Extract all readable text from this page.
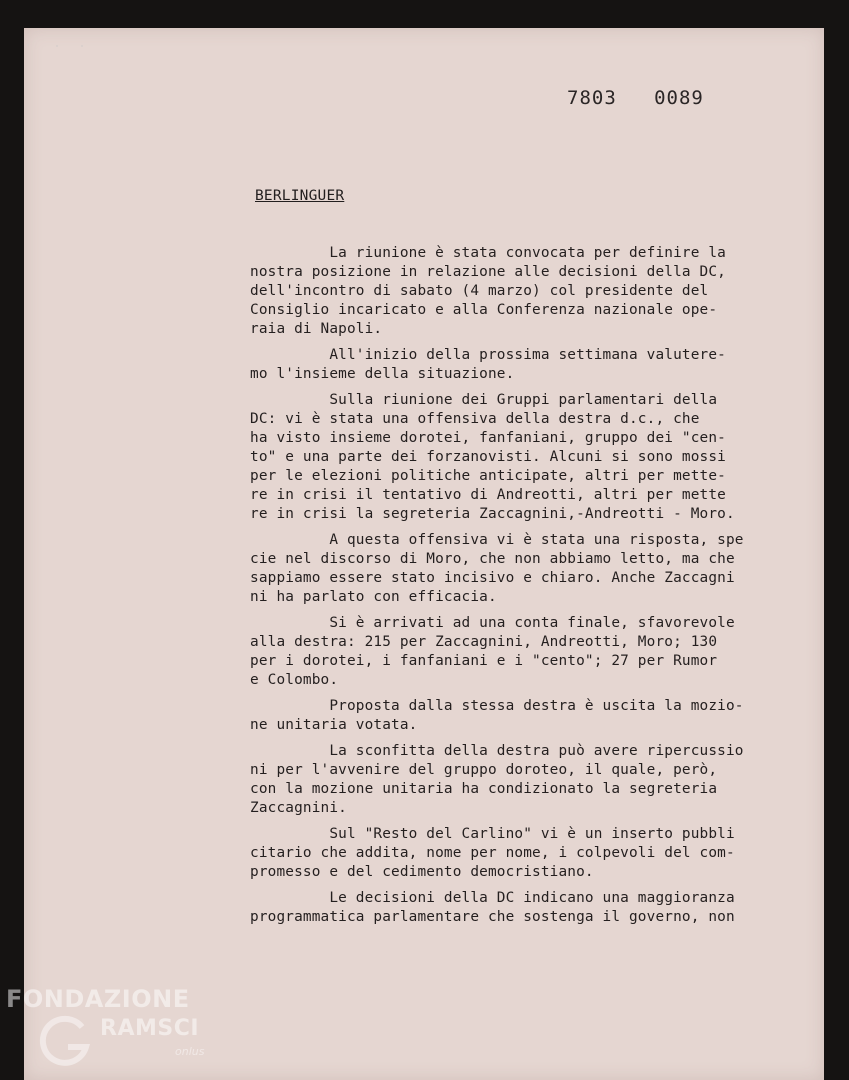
7803   0089
BERLINGUER
La riunione è stata convocata per definire la
nostra posizione in relazione alle decisioni della DC,
dell'incontro di sabato (4 marzo) col presidente del
Consiglio incaricato e alla Conferenza nazionale ope-
raia di Napoli.
All'inizio della prossima settimana valutere-
mo l'insieme della situazione.
Sulla riunione dei Gruppi parlamentari della
DC: vi è stata una offensiva della destra d.c., che
ha visto insieme dorotei, fanfaniani, gruppo dei "cen-
to" e una parte dei forzanovisti. Alcuni si sono mossi
per le elezioni politiche anticipate, altri per mette-
re in crisi il tentativo di Andreotti, altri per mette
re in crisi la segreteria Zaccagnini,-Andreotti - Moro.
A questa offensiva vi è stata una risposta, spe
cie nel discorso di Moro, che non abbiamo letto, ma che
sappiamo essere stato incisivo e chiaro. Anche Zaccagni
ni ha parlato con efficacia.
Si è arrivati ad una conta finale, sfavorevole
alla destra: 215 per Zaccagnini, Andreotti, Moro; 130
per i dorotei, i fanfaniani e i "cento"; 27 per Rumor
e Colombo.
Proposta dalla stessa destra è uscita la mozio-
ne unitaria votata.
La sconfitta della destra può avere ripercussio
ni per l'avvenire del gruppo doroteo, il quale, però,
con la mozione unitaria ha condizionato la segreteria
Zaccagnini.
Sul "Resto del Carlino" vi è un inserto pubbli
citario che addita, nome per nome, i colpevoli del com-
promesso e del cedimento democristiano.
Le decisioni della DC indicano una maggioranza
programmatica parlamentare che sostenga il governo, non
FONDAZIONE
RAMSCI
onlus
